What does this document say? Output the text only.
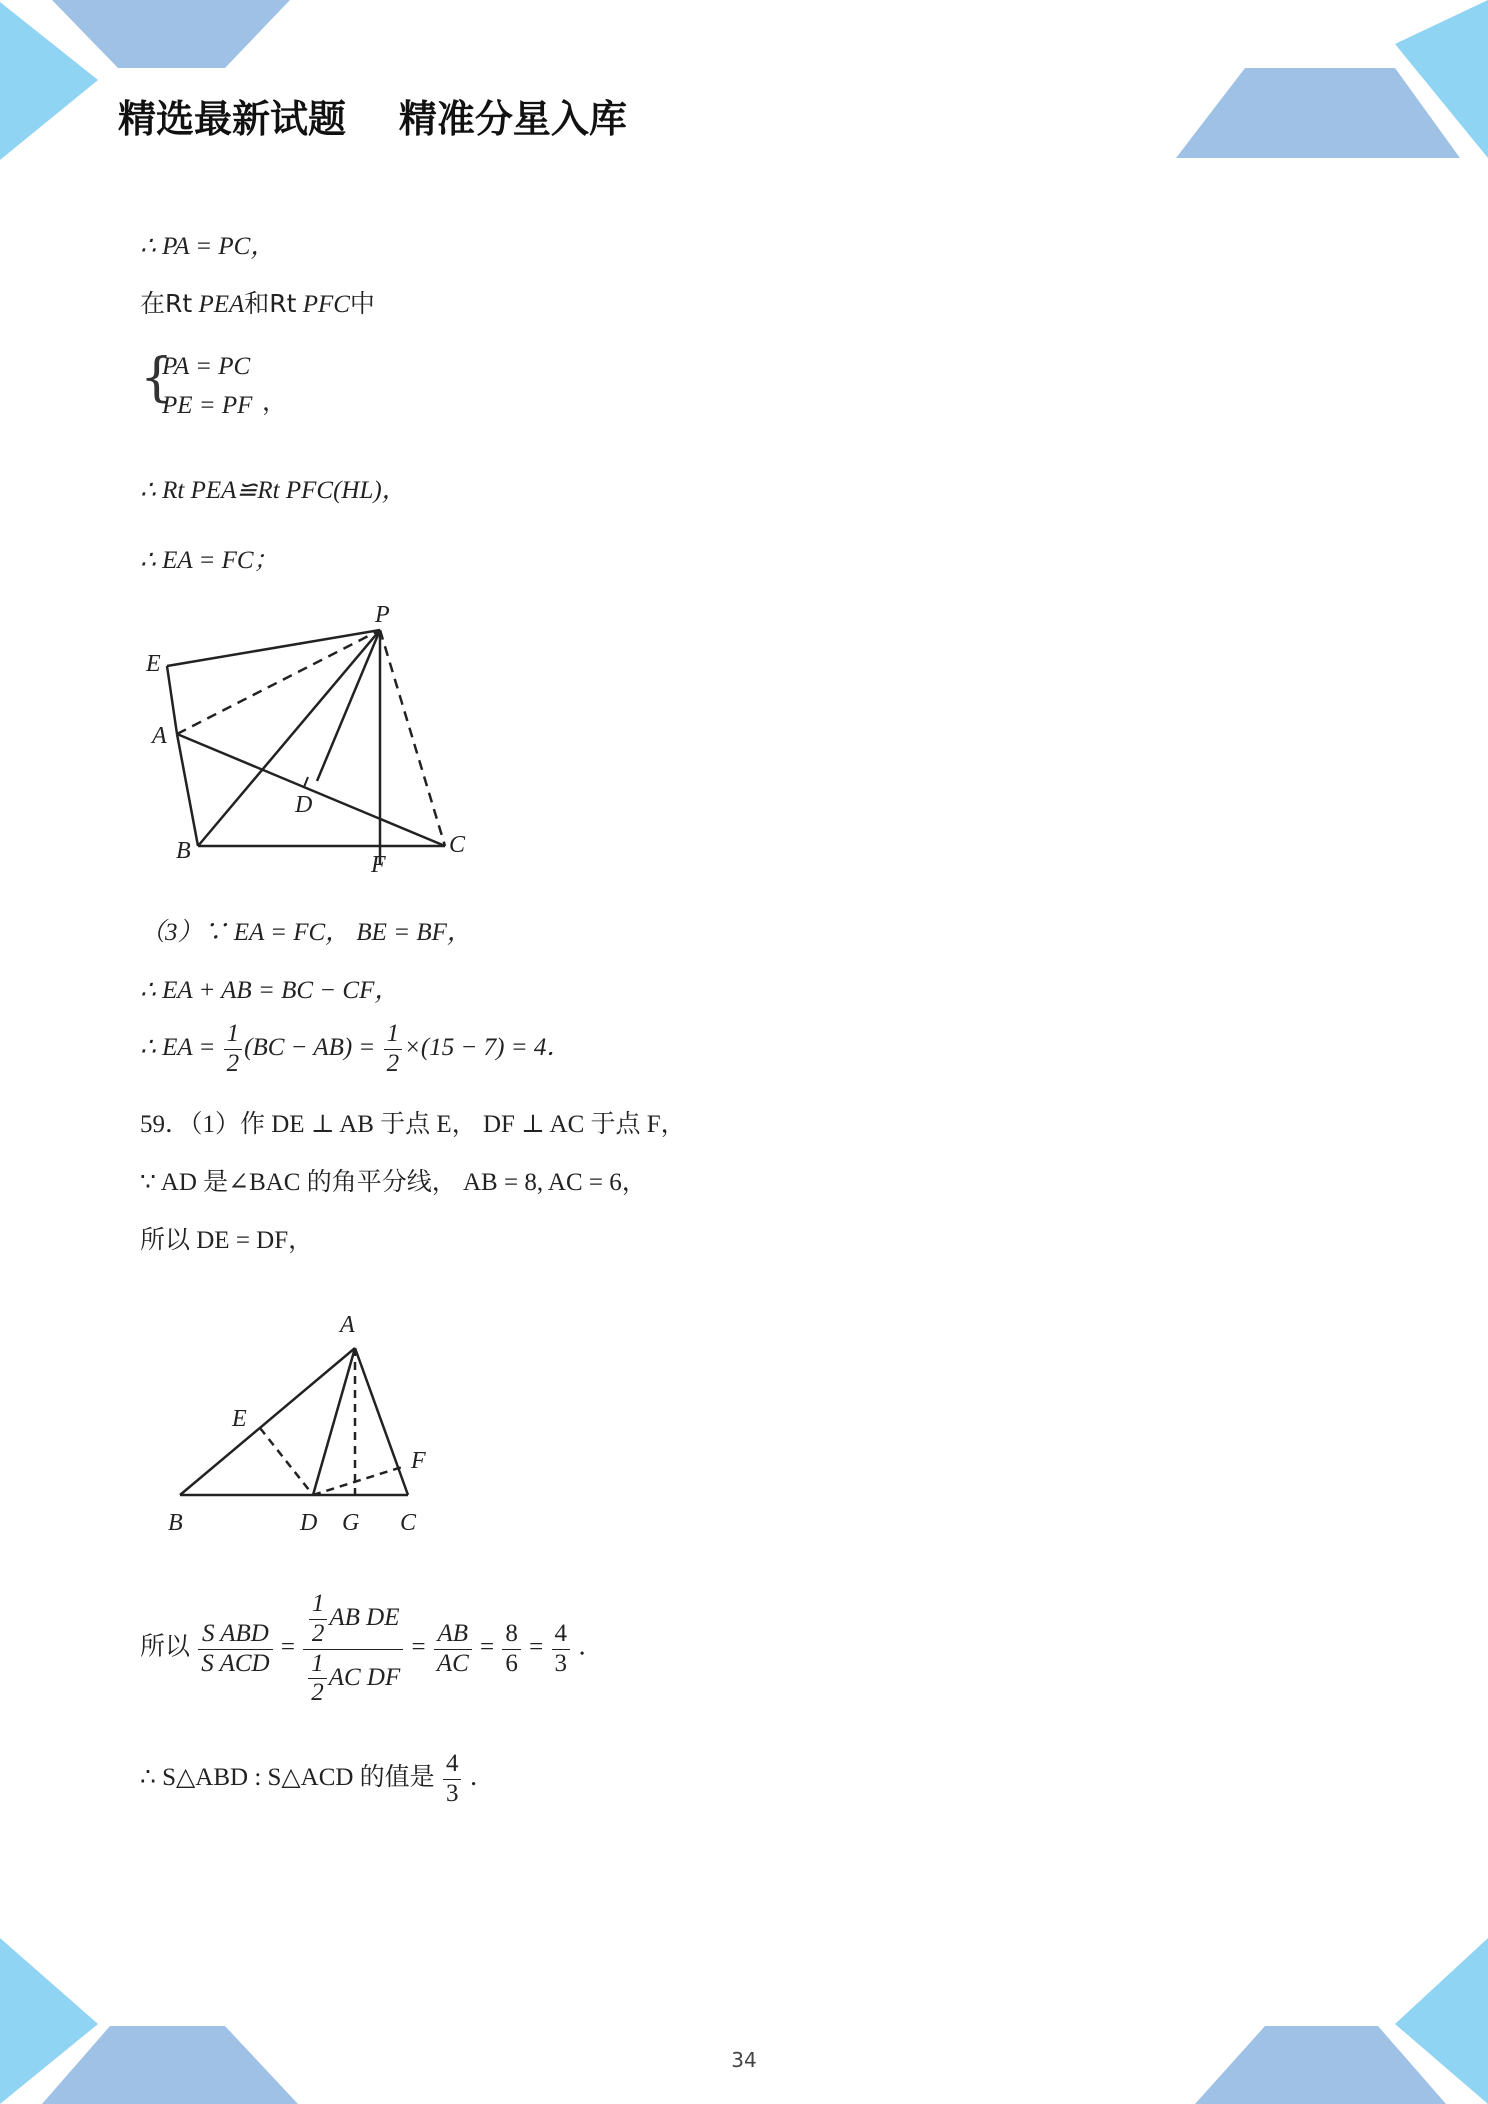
精选最新试题    精准分星入库
∴ PA = PC，
在Rt PEA和Rt PFC中
{
PA = PC
PE = PF ，
∴ Rt PEA≌Rt PFC(HL)，
∴ EA = FC；
P
E
A
D
B
F
C
（3）∵ EA = FC， BE = BF，
∴ EA + AB = BC − CF，
∴ EA = $\frac{1}{2} (BC - AB) = \frac{1}{2} \times(15 - 7) = 4$．
59．（1）作 DE ⊥ AB 于点 E， DF ⊥ AC 于点 F，
∵ AD 是∠BAC 的角平分线， AB = 8, AC = 6，
所以 DE = DF，
A
E
F
B	D G C
所以 $\frac{\text{S ABD}}{\text{S ACD}} = \frac{\frac{1}{2} AB DE}{\frac{1}{2} AC DF} = \frac{AB}{AC} = \frac{8}{6} = \frac{4}{3}$ ．
∴ S△ABD : S△ACD 的值是 $\frac{4}{3}$ ．
34
